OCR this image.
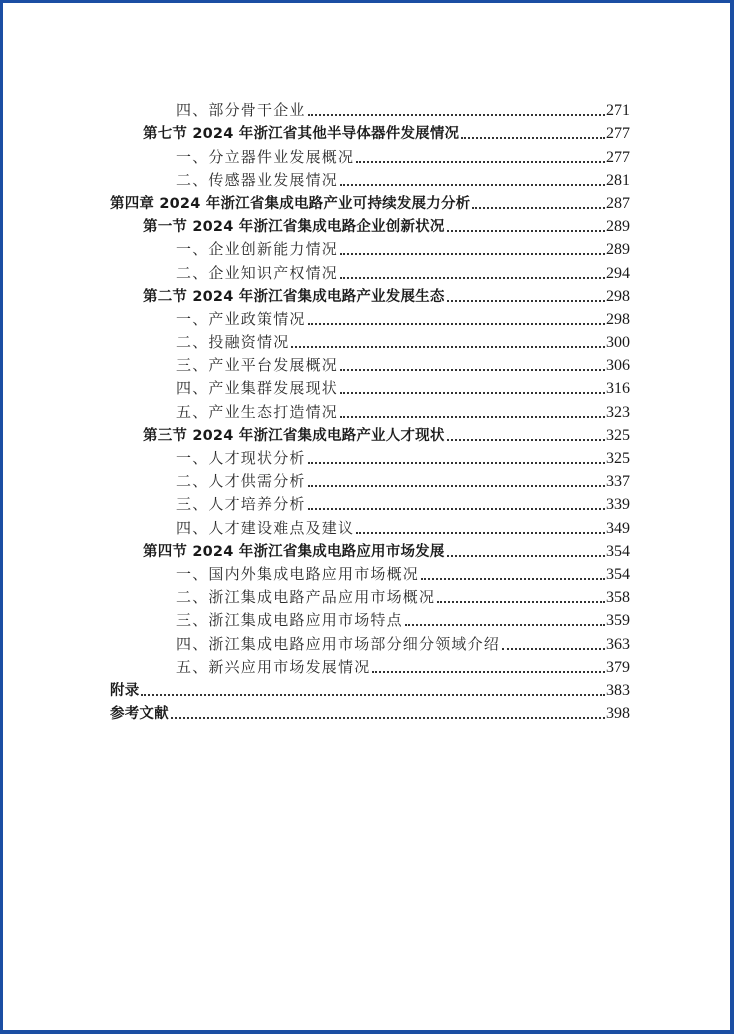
四、部分骨干企业	271
第七节 2024 年浙江省其他半导体器件发展情况	277
一、分立器件业发展概况	277
二、传感器业发展情况	281
第四章 2024 年浙江省集成电路产业可持续发展力分析	287
第一节 2024 年浙江省集成电路企业创新状况	289
一、企业创新能力情况	289
二、企业知识产权情况	294
第二节 2024 年浙江省集成电路产业发展生态	298
一、产业政策情况	298
二、投融资情况	300
三、产业平台发展概况	306
四、产业集群发展现状	316
五、产业生态打造情况	323
第三节 2024 年浙江省集成电路产业人才现状	325
一、人才现状分析	325
二、人才供需分析	337
三、人才培养分析	339
四、人才建设难点及建议	349
第四节 2024 年浙江省集成电路应用市场发展	354
一、国内外集成电路应用市场概况	354
二、浙江集成电路产品应用市场概况	358
三、浙江集成电路应用市场特点	359
四、浙江集成电路应用市场部分细分领域介绍	363
五、新兴应用市场发展情况	379
附录	383
参考文献	398
